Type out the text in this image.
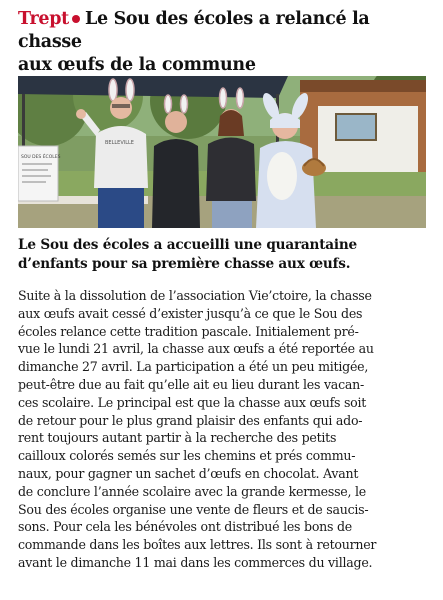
Trept Le Sou des écoles a relancé la chasse
aux œufs de la commune
SOU DES ÉCOLES
BELLEVILLE
Le Sou des écoles a accueilli une quarantaine
d’enfants pour sa première chasse aux œufs.

Suite à la dissolution de l’association Vie’ctoire, la chasse
aux œufs avait cessé d’exister jusqu’à ce que le Sou des
écoles relance cette tradition pascale. Initialement pré-
vue le lundi 21 avril, la chasse aux œufs a été reportée au
dimanche 27 avril. La participation a été un peu mitigée,
peut-être due au fait qu’elle ait eu lieu durant les vacan-
ces scolaire. Le principal est que la chasse aux œufs soit
de retour pour le plus grand plaisir des enfants qui ado-
rent toujours autant partir à la recherche des petits
cailloux colorés semés sur les chemins et prés commu-
naux, pour gagner un sachet d’œufs en chocolat. Avant
de conclure l’année scolaire avec la grande kermesse, le
Sou des écoles organise une vente de fleurs et de saucis-
sons. Pour cela les bénévoles ont distribué les bons de
commande dans les boîtes aux lettres. Ils sont à retourner
avant le dimanche 11 mai dans les commerces du village.
